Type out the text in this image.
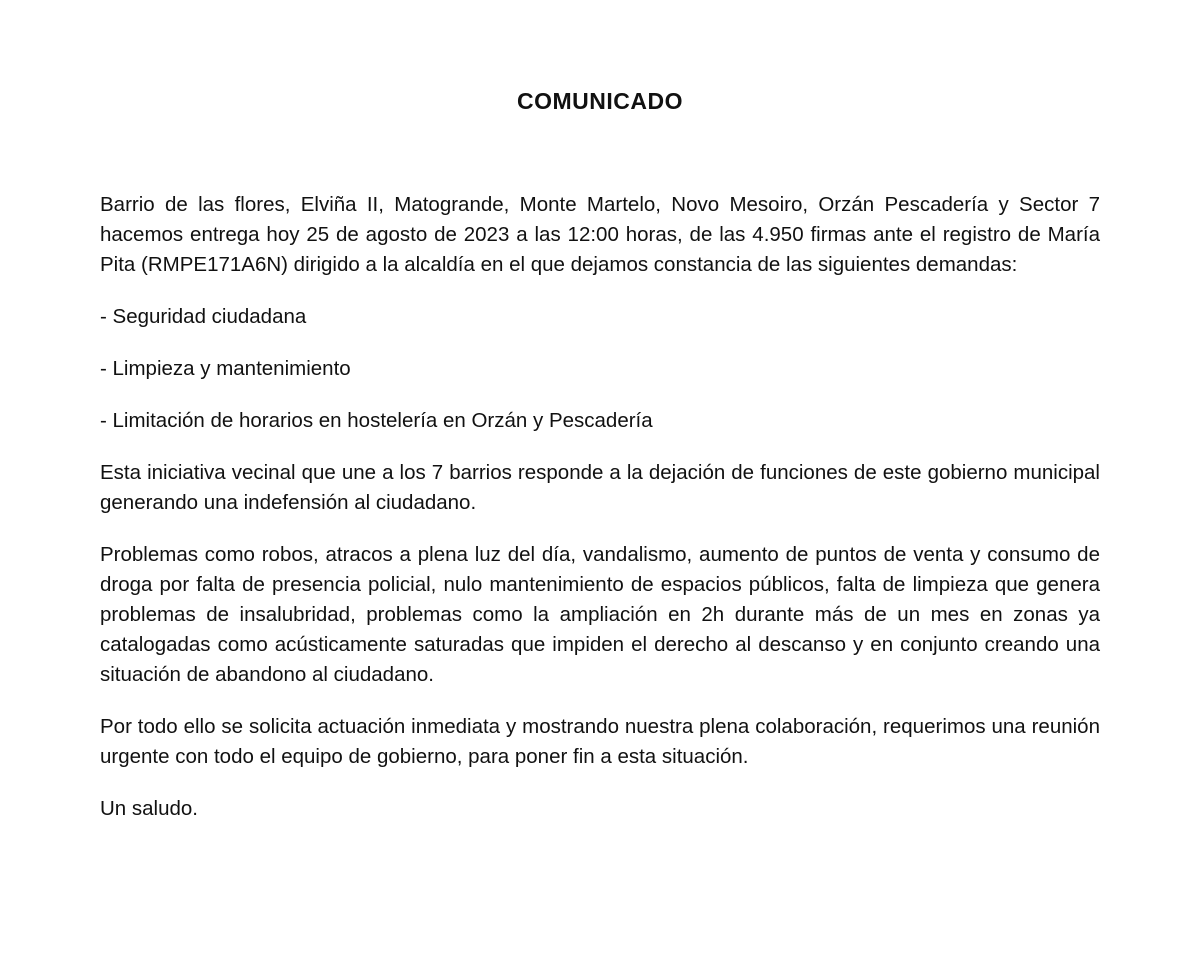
COMUNICADO

Barrio de las flores, Elviña II, Matogrande, Monte Martelo, Novo Mesoiro, Orzán Pescadería y Sector 7 hacemos entrega hoy 25 de agosto de 2023 a las 12:00 horas, de las 4.950 firmas ante el registro de María Pita (RMPE171A6N) dirigido a la alcaldía en el que dejamos constancia de las siguientes demandas:

- Seguridad ciudadana
- Limpieza y mantenimiento
- Limitación de horarios en hostelería en Orzán y Pescadería

Esta iniciativa vecinal que une a los 7 barrios responde a la dejación de funciones de este gobierno municipal generando una indefensión al ciudadano.

Problemas como robos, atracos a plena luz del día, vandalismo, aumento de puntos de venta y consumo de droga por falta de presencia policial, nulo mantenimiento de espacios públicos, falta de limpieza que genera problemas de insalubridad, problemas como la ampliación en 2h durante más de un mes en zonas ya catalogadas como acústicamente saturadas que impiden el derecho al descanso y en conjunto creando una situación de abandono al ciudadano.

Por todo ello se solicita actuación inmediata y mostrando nuestra plena colaboración, requerimos una reunión urgente con todo el equipo de gobierno, para poner fin a esta situación.

Un saludo.
